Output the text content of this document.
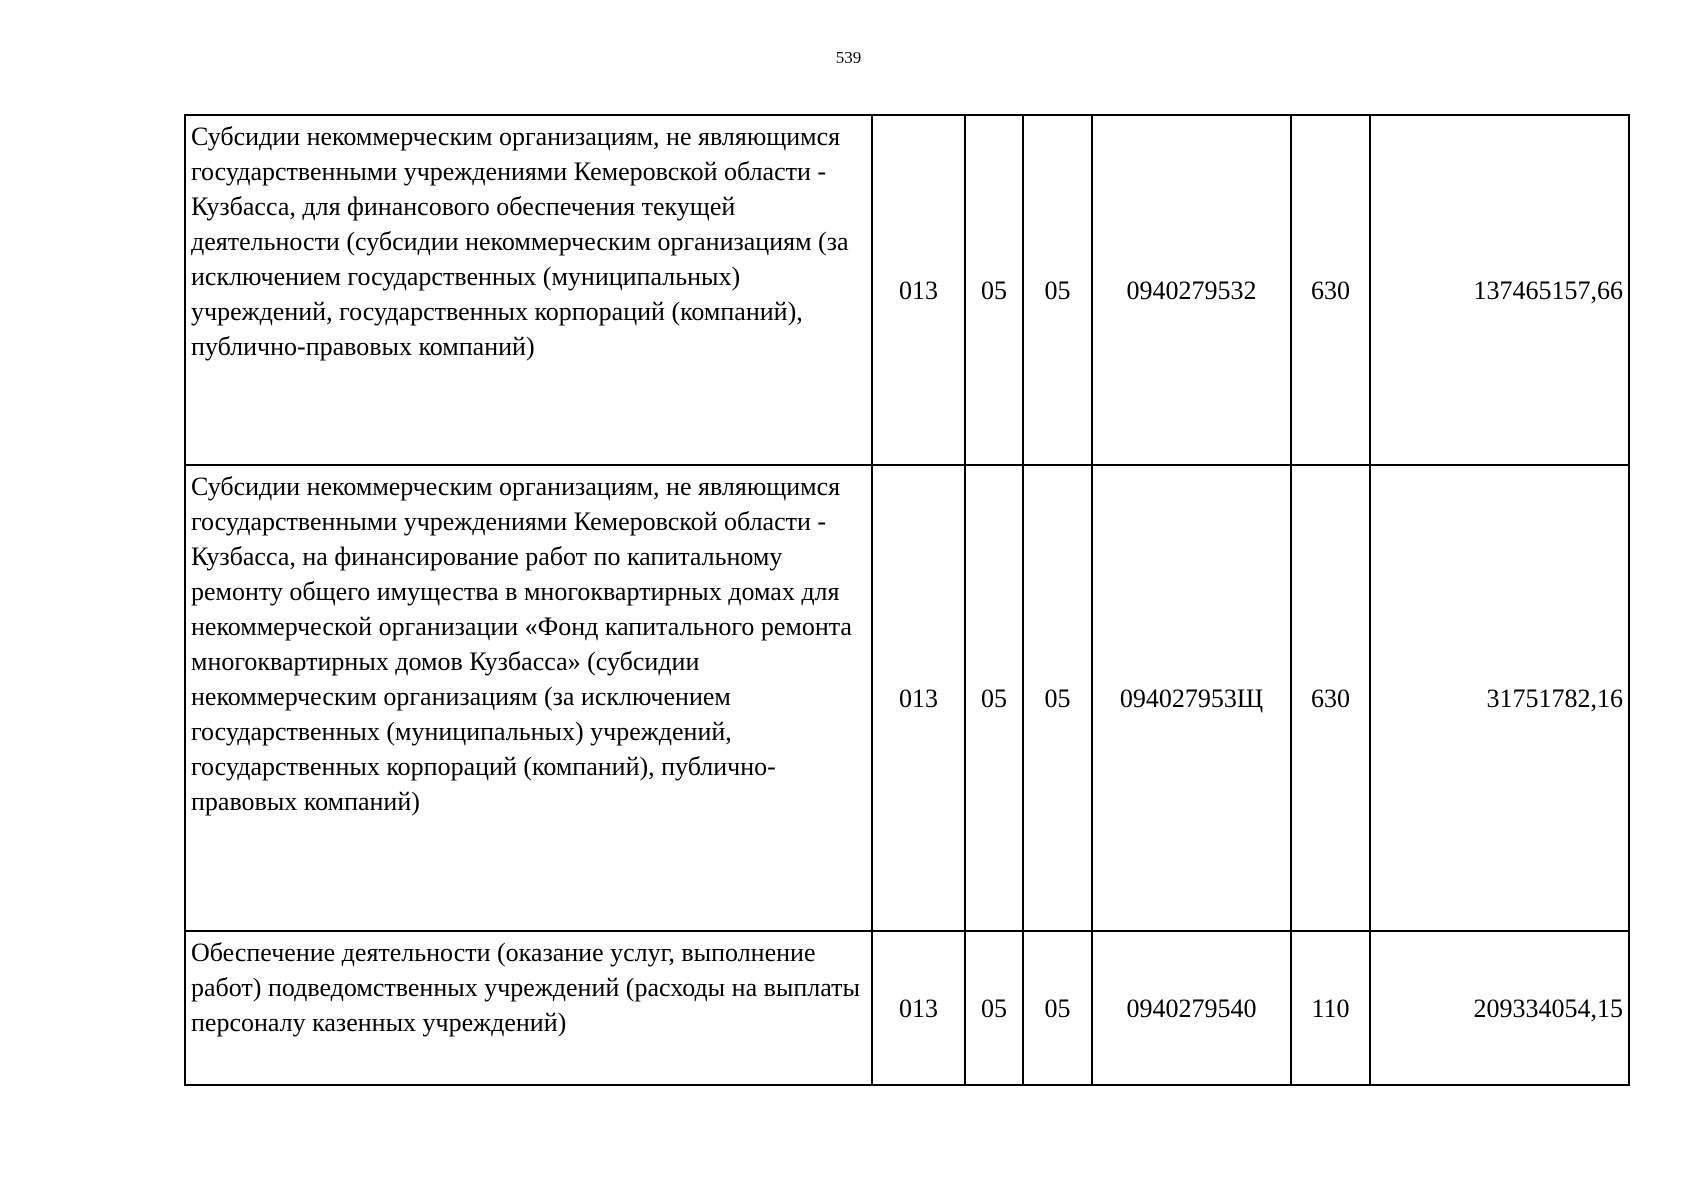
539
Субсидии некоммерческим организациям, не являющимся государственными учреждениями Кемеровской области - Кузбасса, для финансового обеспечения текущей деятельности (субсидии некоммерческим организациям (за исключением государственных (муниципальных) учреждений, государственных корпораций (компаний), публично-правовых компаний)	013	05	05	0940279532	630	137465157,66
Субсидии некоммерческим организациям, не являющимся государственными учреждениями Кемеровской области - Кузбасса, на финансирование работ по капитальному ремонту общего имущества в многоквартирных домах для некоммерческой организации «Фонд капитального ремонта многоквартирных домов Кузбасса» (субсидии некоммерческим организациям (за исключением государственных (муниципальных) учреждений, государственных корпораций (компаний), публично-правовых компаний)	013	05	05	094027953Щ	630	31751782,16
Обеспечение деятельности (оказание услуг, выполнение работ) подведомственных учреждений (расходы на выплаты персоналу казенных учреждений)	013	05	05	0940279540	110	209334054,15
